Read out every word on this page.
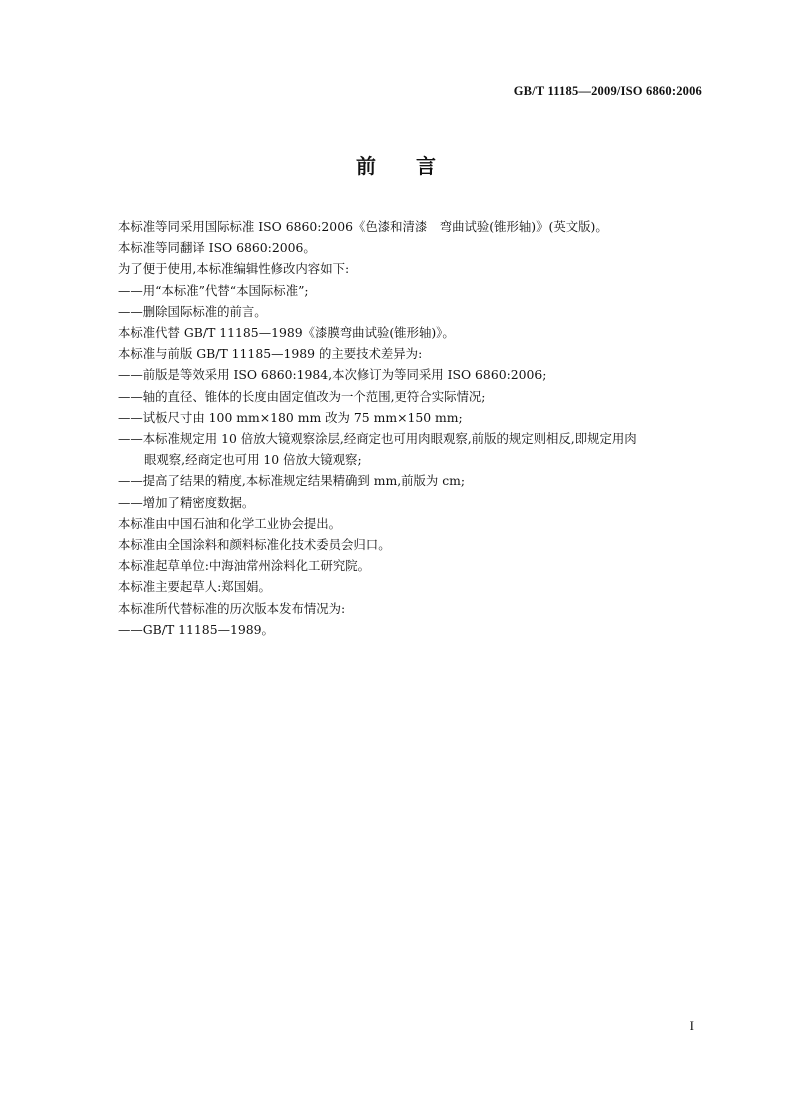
GB/T 11185—2009/ISO 6860:2006
前言
本标准等同采用国际标准 ISO 6860:2006《色漆和清漆　弯曲试验(锥形轴)》(英文版)。
本标准等同翻译 ISO 6860:2006。
为了便于使用,本标准编辑性修改内容如下:
——用“本标准”代替“本国际标准”;
——删除国际标准的前言。
本标准代替 GB/T 11185—1989《漆膜弯曲试验(锥形轴)》。
本标准与前版 GB/T 11185—1989 的主要技术差异为:
——前版是等效采用 ISO 6860:1984,本次修订为等同采用 ISO 6860:2006;
——轴的直径、锥体的长度由固定值改为一个范围,更符合实际情况;
——试板尺寸由 100 mm×180 mm 改为 75 mm×150 mm;
——本标准规定用 10 倍放大镜观察涂层,经商定也可用肉眼观察,前版的规定则相反,即规定用肉
眼观察,经商定也可用 10 倍放大镜观察;
——提高了结果的精度,本标准规定结果精确到 mm,前版为 cm;
——增加了精密度数据。
本标准由中国石油和化学工业协会提出。
本标准由全国涂料和颜料标准化技术委员会归口。
本标准起草单位:中海油常州涂料化工研究院。
本标准主要起草人:郑国娟。
本标准所代替标准的历次版本发布情况为:
——GB/T 11185—1989。
I
